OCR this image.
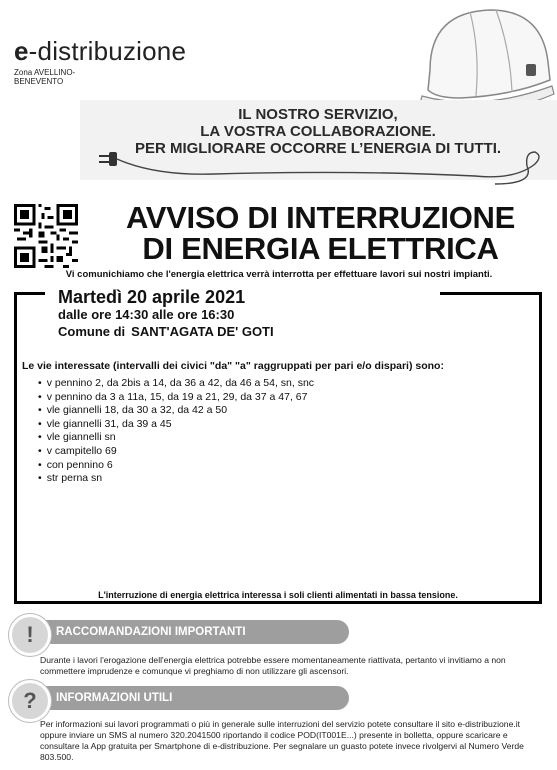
e-distribuzione
Zona AVELLINO-BENEVENTO
IL NOSTRO SERVIZIO,
LA VOSTRA COLLABORAZIONE.
PER MIGLIORARE OCCORRE L’ENERGIA DI TUTTI.
AVVISO DI INTERRUZIONE
DI ENERGIA ELETTRICA
Vi comunichiamo che l'energia elettrica verrà interrotta per effettuare lavori sui nostri impianti.
Martedì 20 aprile 2021
dalle ore 14:30 alle ore 16:30
Comune di SANT'AGATA DE' GOTI
Le vie interessate (intervalli dei civici "da" "a" raggruppati per pari e/o dispari) sono:
• v pennino 2, da 2bis a 14, da 36 a 42, da 46 a 54, sn, snc
• v pennino da 3 a 11a, 15, da 19 a 21, 29, da 37 a 47, 67
• vle giannelli 18, da 30 a 32, da 42 a 50
• vle giannelli 31, da 39 a 45
• vle giannelli sn
• v campitello 69
• con pennino 6
• str perna sn
L'interruzione di energia elettrica interessa i soli clienti alimentati in bassa tensione.
RACCOMANDAZIONI IMPORTANTI
!
Durante i lavori l'erogazione dell'energia elettrica potrebbe essere momentaneamente riattivata, pertanto vi invitiamo a non commettere imprudenze e comunque vi preghiamo di non utilizzare gli ascensori.
INFORMAZIONI UTILI
?
Per informazioni sui lavori programmati o più in generale sulle interruzioni del servizio potete consultare il sito e-distribuzione.it oppure inviare un SMS al numero 320.2041500 riportando il codice POD(IT001E...) presente in bolletta, oppure scaricare e consultare la App gratuita per Smartphone di e-distribuzione. Per segnalare un guasto potete invece rivolgervi al Numero Verde 803.500.
